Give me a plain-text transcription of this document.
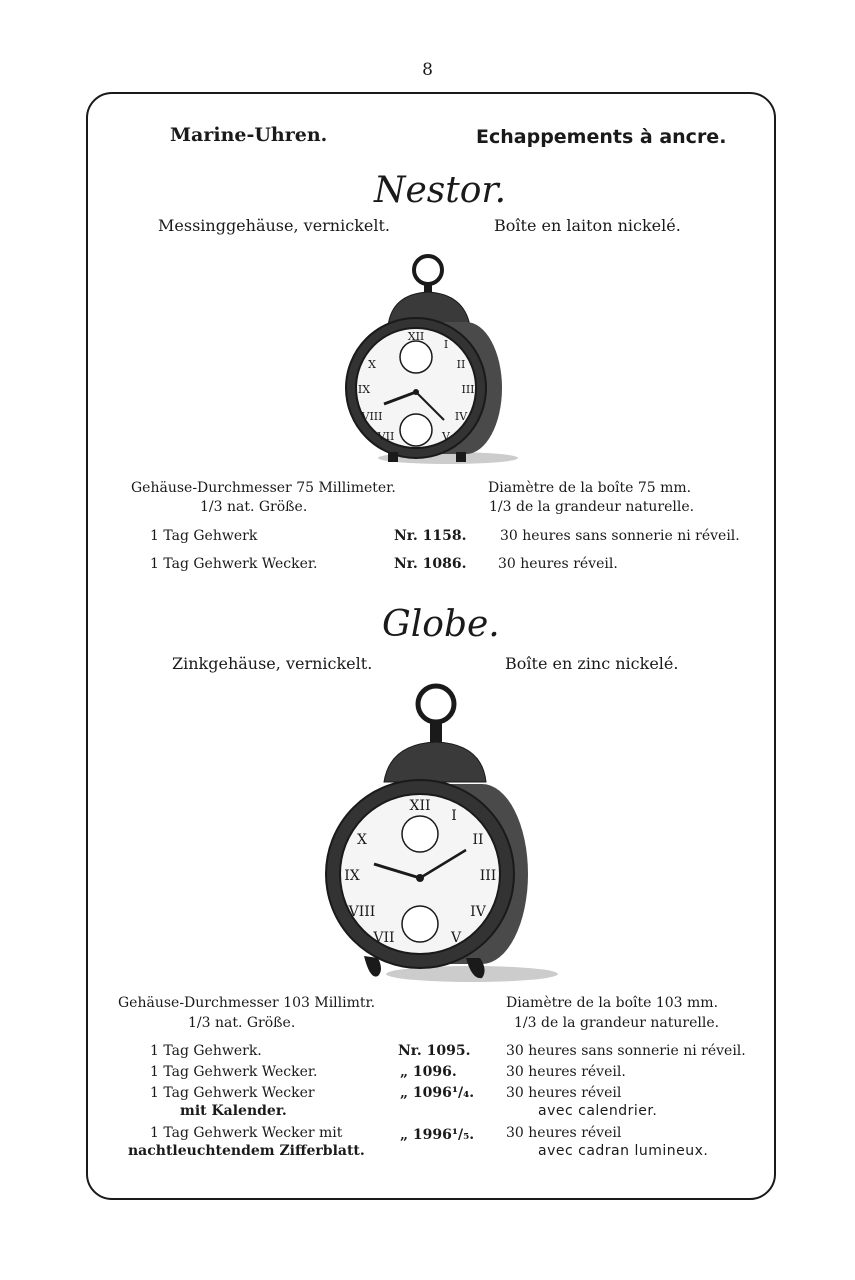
8
Marine-Uhren.	Echappements à ancre.
Nestor.
Messinggehäuse, vernickelt.	Boîte en laiton nickelé.
XII
III
IX
I
II
IV
X
VIII
VII	V
Gehäuse-Durchmesser 75 Millimeter.
1/3 nat. Größe.
Diamètre de la boîte 75 mm.
1/3 de la grandeur naturelle.
1 Tag Gehwerk	Nr. 1158. 30 heures sans sonnerie ni réveil.
1 Tag Gehwerk Wecker.	Nr. 1086. 30 heures réveil.
Globe.
Zinkgehäuse, vernickelt.	Boîte en zinc nickelé.
XII
III
IX
I
II
IV
X
VIII
VII	V
Gehäuse-Durchmesser 103 Millimtr.
1/3 nat. Größe.
Diamètre de la boîte 103 mm.
1/3 de la grandeur naturelle.
1 Tag Gehwerk.	Nr. 1095.	30 heures sans sonnerie ni réveil.
1 Tag Gehwerk Wecker.	„ 1096.	30 heures réveil.
1 Tag Gehwerk Wecker
mit Kalender.
„ 1096¹/₄. 30 heures réveil
avec calendrier.
1 Tag Gehwerk Wecker mit
nachtleuchtendem Zifferblatt.
„ 1996¹/₅. 30 heures réveil
avec cadran lumineux.
